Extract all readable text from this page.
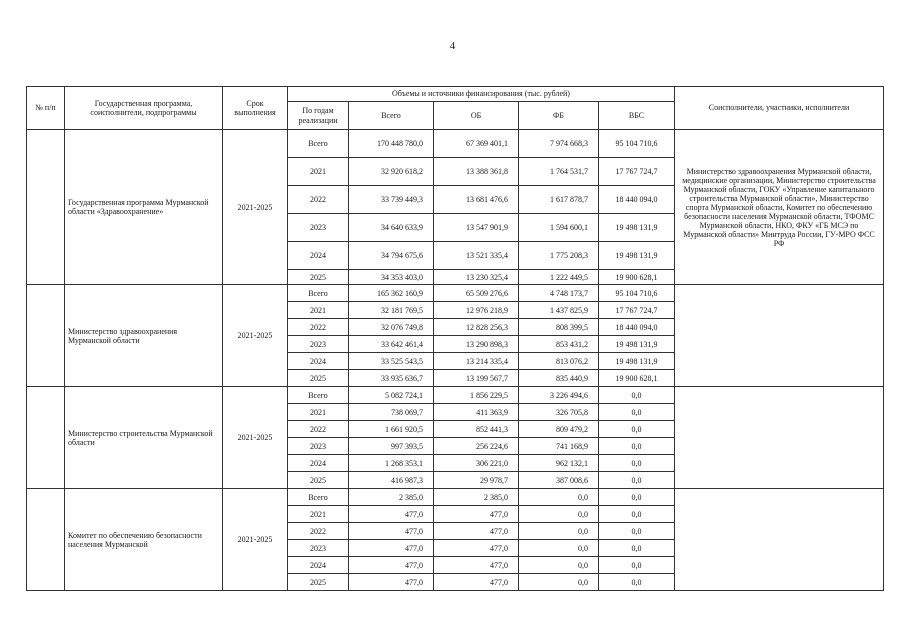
4
№ п/п	Государственная программа, соисполнители, подпрограммы	Срок выполнения	Объемы и источники финансирования (тыс. рублей)					Соисполнители, участники, исполнители
			По годам реализации	Всего	ОБ	ФБ	ВБС	
	Государственная программа Мурманской области «Здравоохранение»	2021-2025	Всего	170 448 780,0	67 369 401,1	7 974 668,3	95 104 710,6	Министерство здравоохранения Мурманской области, медицинские организации, Министерство строительства Мурманской области, ГОКУ «Управление капитального строительства Мурманской области», Министерство спорта Мурманской области, Комитет по обеспечению безопасности населения Мурманской области, ТФОМС Мурманской области, НКО, ФКУ «ГБ МСЭ по Мурманской области» Минтруда России, ГУ-МРО ФСС РФ
			2021	32 920 618,2	13 388 361,8	1 764 531,7	17 767 724,7	
			2022	33 739 449,3	13 681 476,6	1 617 878,7	18 440 094,0	
			2023	34 640 633,9	13 547 901,9	1 594 600,1	19 498 131,9	
			2024	34 794 675,6	13 521 335,4	1 775 208,3	19 498 131,9	
			2025	34 353 403,0	13 230 325,4	1 222 449,5	19 900 628,1	
	Министерство здравоохранения Мурманской области	2021-2025	Всего	165 362 160,9	65 509 276,6	4 748 173,7	95 104 710,6	
			2021	32 181 769,5	12 976 218,9	1 437 825,9	17 767 724,7	
			2022	32 076 749,8	12 828 256,3	808 399,5	18 440 094,0	
			2023	33 642 461,4	13 290 898,3	853 431,2	19 498 131,9	
			2024	33 525 543,5	13 214 335,4	813 076,2	19 498 131,9	
			2025	33 935 636,7	13 199 567,7	835 440,9	19 900 628,1	
	Министерство строительства Мурманской области	2021-2025	Всего	5 082 724,1	1 856 229,5	3 226 494,6	0,0	
			2021	738 069,7	411 363,9	326 705,8	0,0	
			2022	1 661 920,5	852 441,3	809 479,2	0,0	
			2023	997 393,5	256 224,6	741 168,9	0,0	
			2024	1 268 353,1	306 221,0	962 132,1	0,0	
			2025	416 987,3	29 978,7	387 008,6	0,0	
	Комитет по обеспечению безопасности населения Мурманской	2021-2025	Всего	2 385,0	2 385,0	0,0	0,0	
			2021	477,0	477,0	0,0	0,0	
			2022	477,0	477,0	0,0	0,0	
			2023	477,0	477,0	0,0	0,0	
			2024	477,0	477,0	0,0	0,0	
			2025	477,0	477,0	0,0	0,0	
